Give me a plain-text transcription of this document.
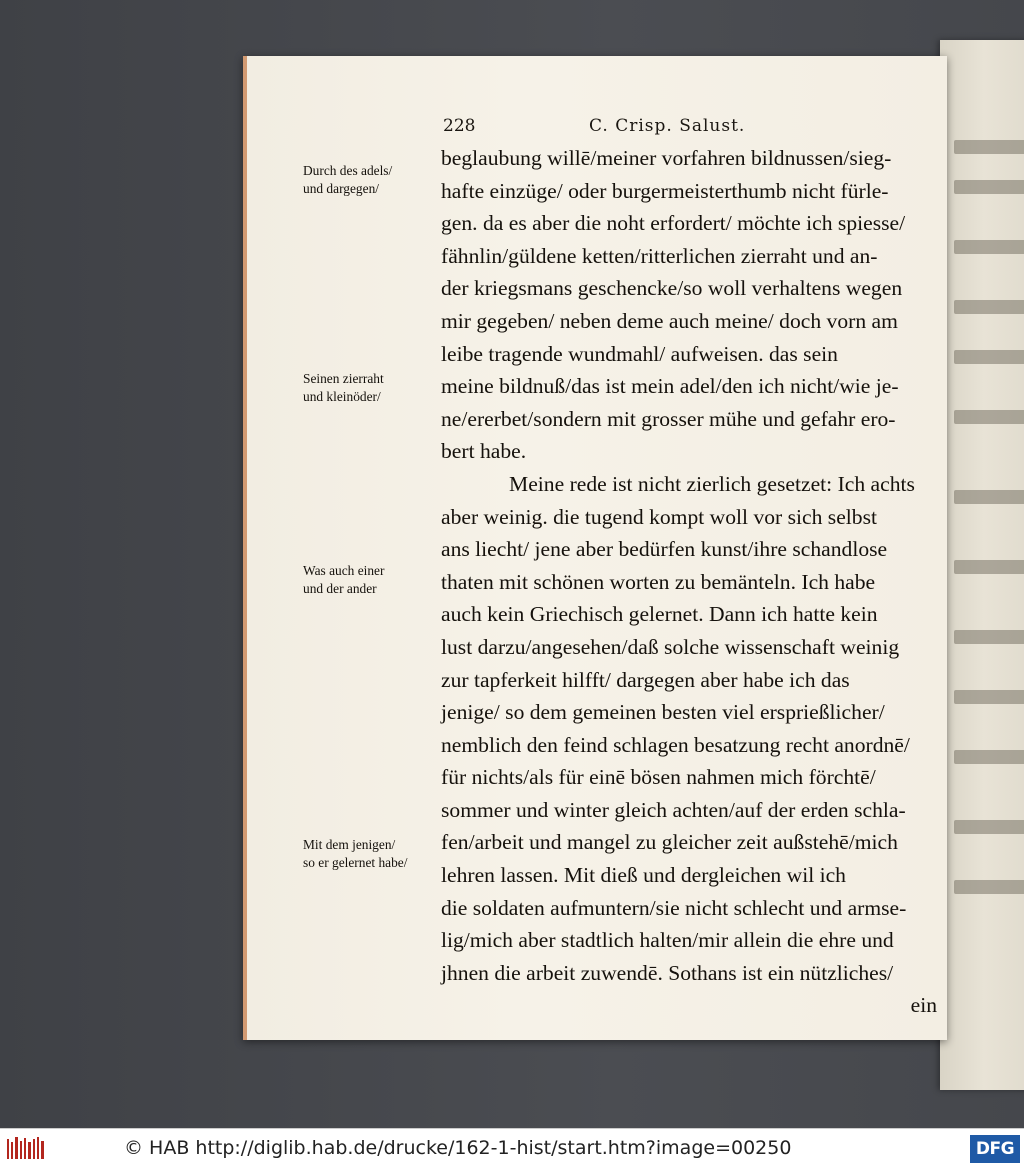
228	C. Crisp. Salust.
Durch des adels/
und dargegen/
Seinen zierraht
und kleinöder/
Was auch einer
und der ander
Mit dem jenigen/
so er gelernet habe/
beglaubung willē/meiner vorfahren bildnussen/sieg-
hafte einzüge/ oder burgermeisterthumb nicht fürle-
gen. da es aber die noht erfordert/ möchte ich spiesse/
fähnlin/güldene ketten/ritterlichen zierraht und an-
der kriegsmans geschencke/so woll verhaltens wegen
mir gegeben/ neben deme auch meine/ doch vorn am
leibe tragende wundmahl/ aufweisen. das sein
meine bildnuß/das ist mein adel/den ich nicht/wie je-
ne/ererbet/sondern mit grosser mühe und gefahr ero-
bert habe.
Meine rede ist nicht zierlich gesetzet: Ich achts
aber weinig. die tugend kompt woll vor sich selbst
ans liecht/ jene aber bedürfen kunst/ihre schandlose
thaten mit schönen worten zu bemänteln. Ich habe
auch kein Griechisch gelernet. Dann ich hatte kein
lust darzu/angesehen/daß solche wissenschaft weinig
zur tapferkeit hilfft/ dargegen aber habe ich das
jenige/ so dem gemeinen besten viel ersprießlicher/
nemblich den feind schlagen besatzung recht anordnē/
für nichts/als für einē bösen nahmen mich förchtē/
sommer und winter gleich achten/auf der erden schla-
fen/arbeit und mangel zu gleicher zeit außstehē/mich
lehren lassen. Mit dieß und dergleichen wil ich
die soldaten aufmuntern/sie nicht schlecht und armse-
lig/mich aber stadtlich halten/mir allein die ehre und
jhnen die arbeit zuwendē. Sothans ist ein nützliches/
ein
© HAB http://diglib.hab.de/drucke/162-1-hist/start.htm?image=00250	DFG
